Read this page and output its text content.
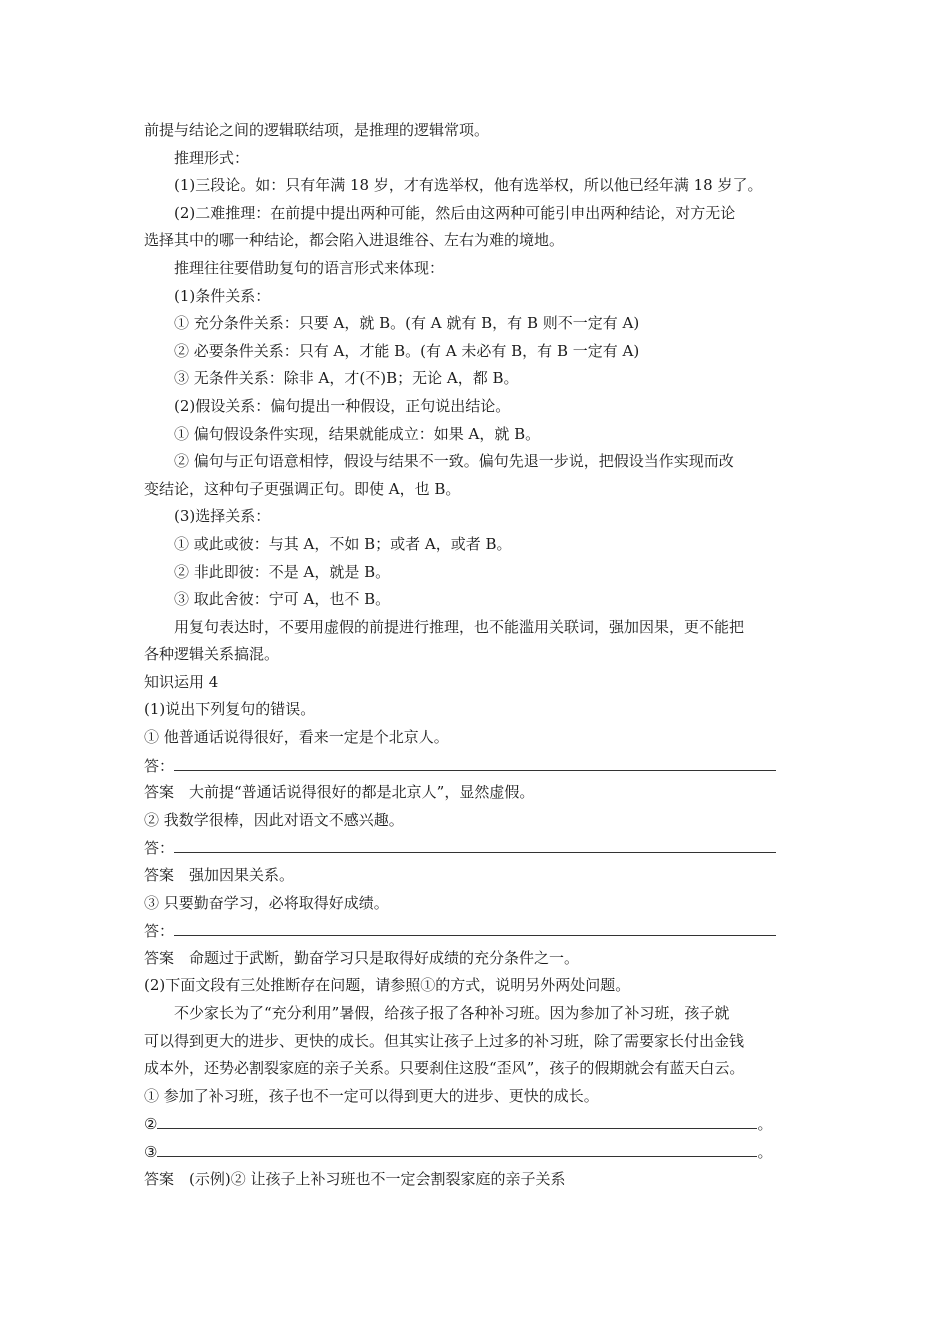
前提与结论之间的逻辑联结项，是推理的逻辑常项。
推理形式：
(1)三段论。如：只有年满 18 岁，才有选举权，他有选举权，所以他已经年满 18 岁了。
(2)二难推理：在前提中提出两种可能，然后由这两种可能引申出两种结论，对方无论
选择其中的哪一种结论，都会陷入进退维谷、左右为难的境地。
推理往往要借助复句的语言形式来体现：
(1)条件关系：
① 充分条件关系：只要 A，就 B。(有 A 就有 B，有 B 则不一定有 A)
② 必要条件关系：只有 A，才能 B。(有 A 未必有 B，有 B 一定有 A)
③ 无条件关系：除非 A，才(不)B；无论 A，都 B。
(2)假设关系：偏句提出一种假设，正句说出结论。
① 偏句假设条件实现，结果就能成立：如果 A，就 B。
② 偏句与正句语意相悖，假设与结果不一致。偏句先退一步说，把假设当作实现而改
变结论，这种句子更强调正句。即使 A，也 B。
(3)选择关系：
① 或此或彼：与其 A，不如 B；或者 A，或者 B。
② 非此即彼：不是 A，就是 B。
③ 取此舍彼：宁可 A，也不 B。
用复句表达时，不要用虚假的前提进行推理，也不能滥用关联词，强加因果，更不能把
各种逻辑关系搞混。
知识运用 4
(1)说出下列复句的错误。
① 他普通话说得很好，看来一定是个北京人。
答：
答案　大前提“普通话说得很好的都是北京人”，显然虚假。
② 我数学很棒，因此对语文不感兴趣。
答：
答案　强加因果关系。
③ 只要勤奋学习，必将取得好成绩。
答：
答案　命题过于武断，勤奋学习只是取得好成绩的充分条件之一。
(2)下面文段有三处推断存在问题，请参照①的方式，说明另外两处问题。
不少家长为了“充分利用”暑假，给孩子报了各种补习班。因为参加了补习班，孩子就
可以得到更大的进步、更快的成长。但其实让孩子上过多的补习班，除了需要家长付出金钱
成本外，还势必割裂家庭的亲子关系。只要刹住这股“歪风”，孩子的假期就会有蓝天白云。
① 参加了补习班，孩子也不一定可以得到更大的进步、更快的成长。
②	。
③	。
答案　(示例)② 让孩子上补习班也不一定会割裂家庭的亲子关系
